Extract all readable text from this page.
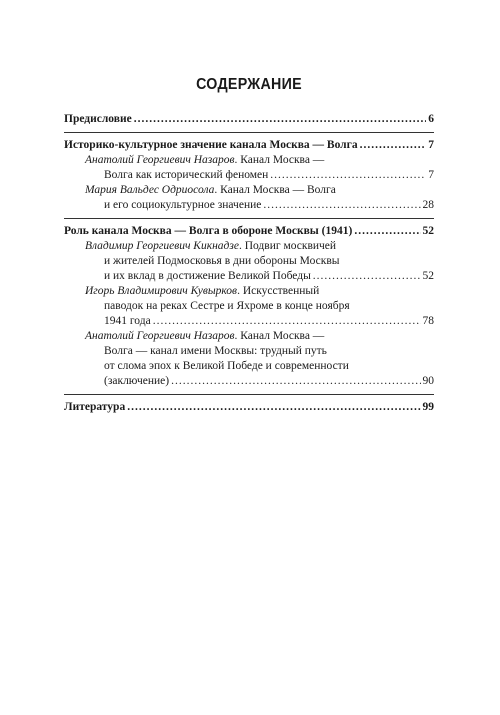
СОДЕРЖАНИЕ
Предисловие .....	6
Историко-культурное значение канала Москва — Волга .....	7
Анатолий Георгиевич Назаров. Канал Москва —
Волга как исторический феномен .....	7
Мария Вальдес Одриосола. Канал Москва — Волга
и его социокультурное значение .....	28
Роль канала Москва — Волга в обороне Москвы (1941) .....	52
Владимир Георгиевич Кикнадзе. Подвиг москвичей
и жителей Подмосковья в дни обороны Москвы
и их вклад в достижение Великой Победы .....	52
Игорь Владимирович Кувырков. Искусственный
паводок на реках Сестре и Яхроме в конце ноября
1941 года .....	78
Анатолий Георгиевич Назаров. Канал Москва —
Волга — канал имени Москвы: трудный путь
от слома эпох к Великой Победе и современности
(заключение) .....	90
Литература .....	99
